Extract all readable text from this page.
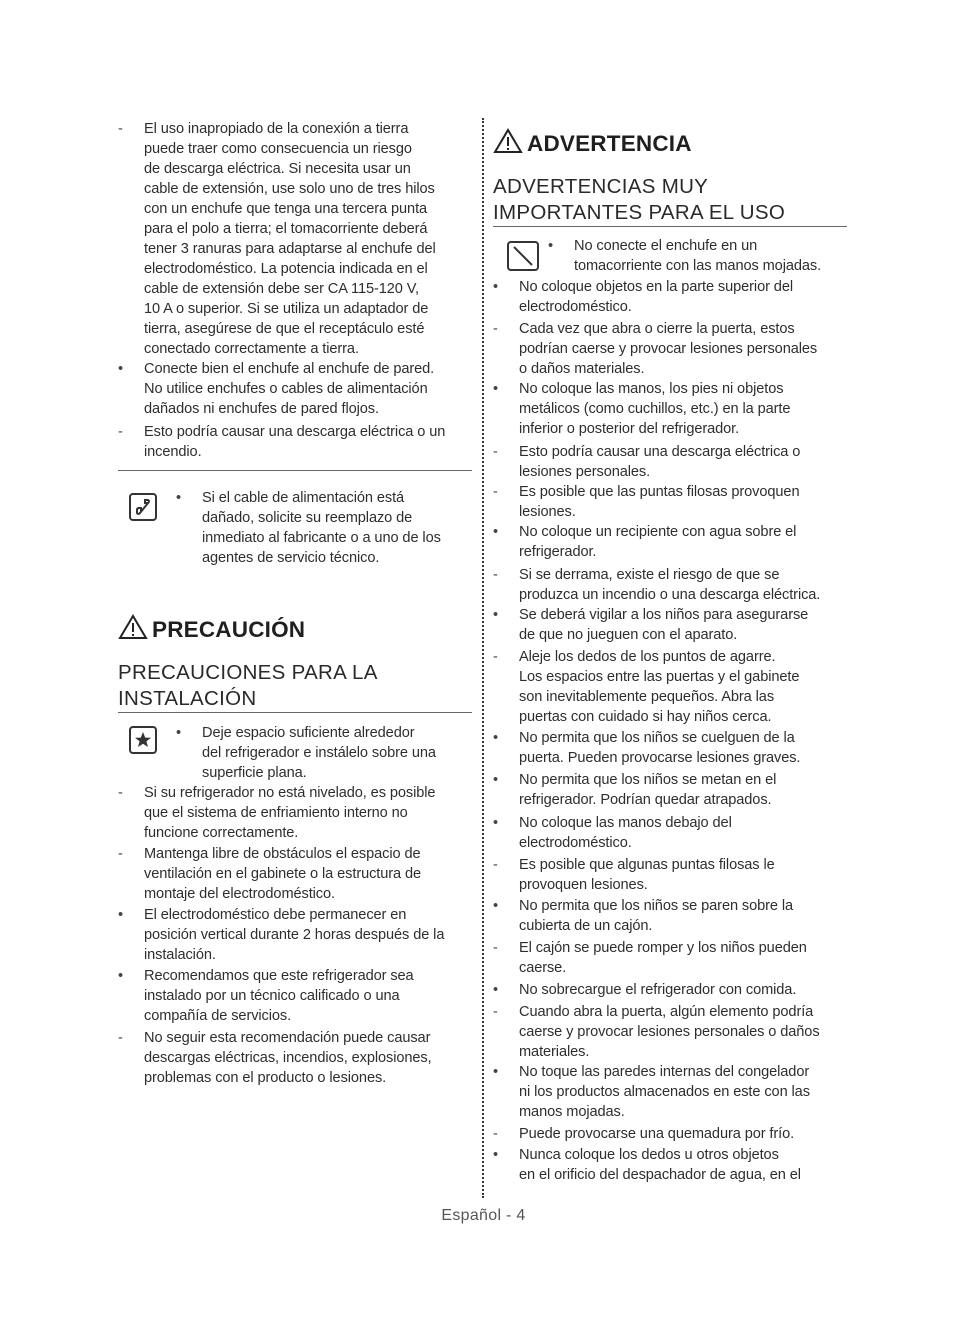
-	El uso inapropiado de la conexión a tierra
puede traer como consecuencia un riesgo
de descarga eléctrica. Si necesita usar un
cable de extensión, use solo uno de tres hilos
con un enchufe que tenga una tercera punta
para el polo a tierra; el tomacorriente deberá
tener 3 ranuras para adaptarse al enchufe del
electrodoméstico. La potencia indicada en el
cable de extensión debe ser CA 115-120 V,
10 A o superior. Si se utiliza un adaptador de
tierra, asegúrese de que el receptáculo esté
conectado correctamente a tierra.
•	Conecte bien el enchufe al enchufe de pared.
No utilice enchufes o cables de alimentación
dañados ni enchufes de pared flojos.
-	Esto podría causar una descarga eléctrica o un
incendio.
•	Si el cable de alimentación está
dañado, solicite su reemplazo de
inmediato al fabricante o a uno de los
agentes de servicio técnico.
PRECAUCIÓN
PRECAUCIONES PARA LA
INSTALACIÓN
•	Deje espacio suficiente alrededor
del refrigerador e instálelo sobre una
superficie plana.
-	Si su refrigerador no está nivelado, es posible
que el sistema de enfriamiento interno no
funcione correctamente.
-	Mantenga libre de obstáculos el espacio de
ventilación en el gabinete o la estructura de
montaje del electrodoméstico.
•	El electrodoméstico debe permanecer en
posición vertical durante 2 horas después de la
instalación.
•	Recomendamos que este refrigerador sea
instalado por un técnico calificado o una
compañía de servicios.
-	No seguir esta recomendación puede causar
descargas eléctricas, incendios, explosiones,
problemas con el producto o lesiones.
ADVERTENCIA
ADVERTENCIAS MUY
IMPORTANTES PARA EL USO
•	No conecte el enchufe en un
tomacorriente con las manos mojadas.
•	No coloque objetos en la parte superior del
electrodoméstico.
-	Cada vez que abra o cierre la puerta, estos
podrían caerse y provocar lesiones personales
o daños materiales.
•	No coloque las manos, los pies ni objetos
metálicos (como cuchillos, etc.) en la parte
inferior o posterior del refrigerador.
-	Esto podría causar una descarga eléctrica o
lesiones personales.
-	Es posible que las puntas filosas provoquen
lesiones.
•	No coloque un recipiente con agua sobre el
refrigerador.
-	Si se derrama, existe el riesgo de que se
produzca un incendio o una descarga eléctrica.
•	Se deberá vigilar a los niños para asegurarse
de que no jueguen con el aparato.
-	Aleje los dedos de los puntos de agarre.
Los espacios entre las puertas y el gabinete
son inevitablemente pequeños. Abra las
puertas con cuidado si hay niños cerca.
•	No permita que los niños se cuelguen de la
puerta. Pueden provocarse lesiones graves.
•	No permita que los niños se metan en el
refrigerador. Podrían quedar atrapados.
•	No coloque las manos debajo del
electrodoméstico.
-	Es posible que algunas puntas filosas le
provoquen lesiones.
•	No permita que los niños se paren sobre la
cubierta de un cajón.
-	El cajón se puede romper y los niños pueden
caerse.
•	No sobrecargue el refrigerador con comida.
-	Cuando abra la puerta, algún elemento podría
caerse y provocar lesiones personales o daños
materiales.
•	No toque las paredes internas del congelador
ni los productos almacenados en este con las
manos mojadas.
-	Puede provocarse una quemadura por frío.
•	Nunca coloque los dedos u otros objetos
en el orificio del despachador de agua, en el
Español - 4
